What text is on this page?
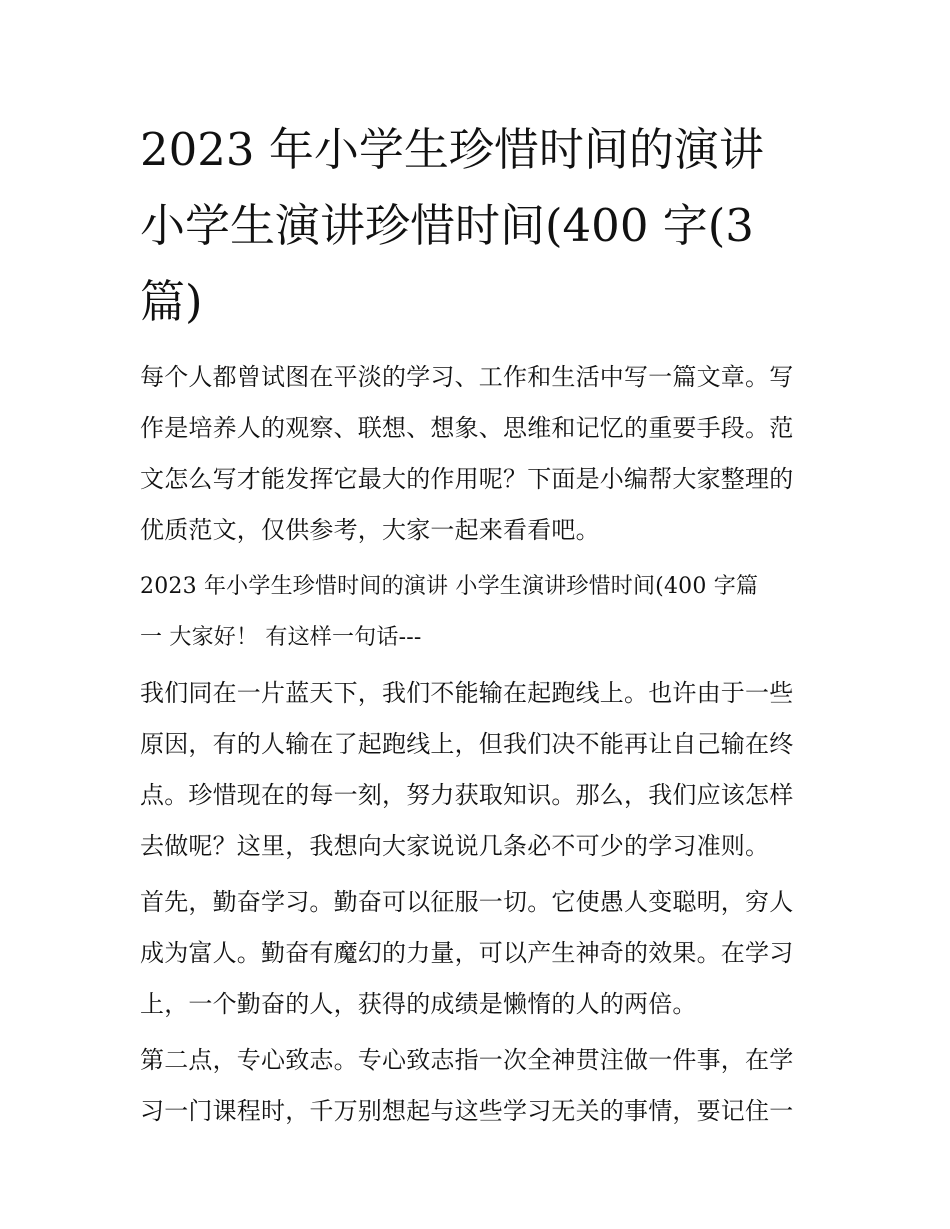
2023 年小学生珍惜时间的演讲
小学生演讲珍惜时间(400 字(3
篇)
每个人都曾试图在平淡的学习、工作和生活中写一篇文章。写
作是培养人的观察、联想、想象、思维和记忆的重要手段。范
文怎么写才能发挥它最大的作用呢？下面是小编帮大家整理的
优质范文，仅供参考，大家一起来看看吧。
2023 年小学生珍惜时间的演讲 小学生演讲珍惜时间(400 字篇
一 大家好！ 有这样一句话---
我们同在一片蓝天下，我们不能输在起跑线上。也许由于一些
原因，有的人输在了起跑线上，但我们决不能再让自己输在终
点。珍惜现在的每一刻，努力获取知识。那么，我们应该怎样
去做呢？这里，我想向大家说说几条必不可少的学习准则。
首先，勤奋学习。勤奋可以征服一切。它使愚人变聪明，穷人
成为富人。勤奋有魔幻的力量，可以产生神奇的效果。在学习
上，一个勤奋的人，获得的成绩是懒惰的人的两倍。
第二点，专心致志。专心致志指一次全神贯注做一件事，在学
习一门课程时，千万别想起与这些学习无关的事情，要记住一
